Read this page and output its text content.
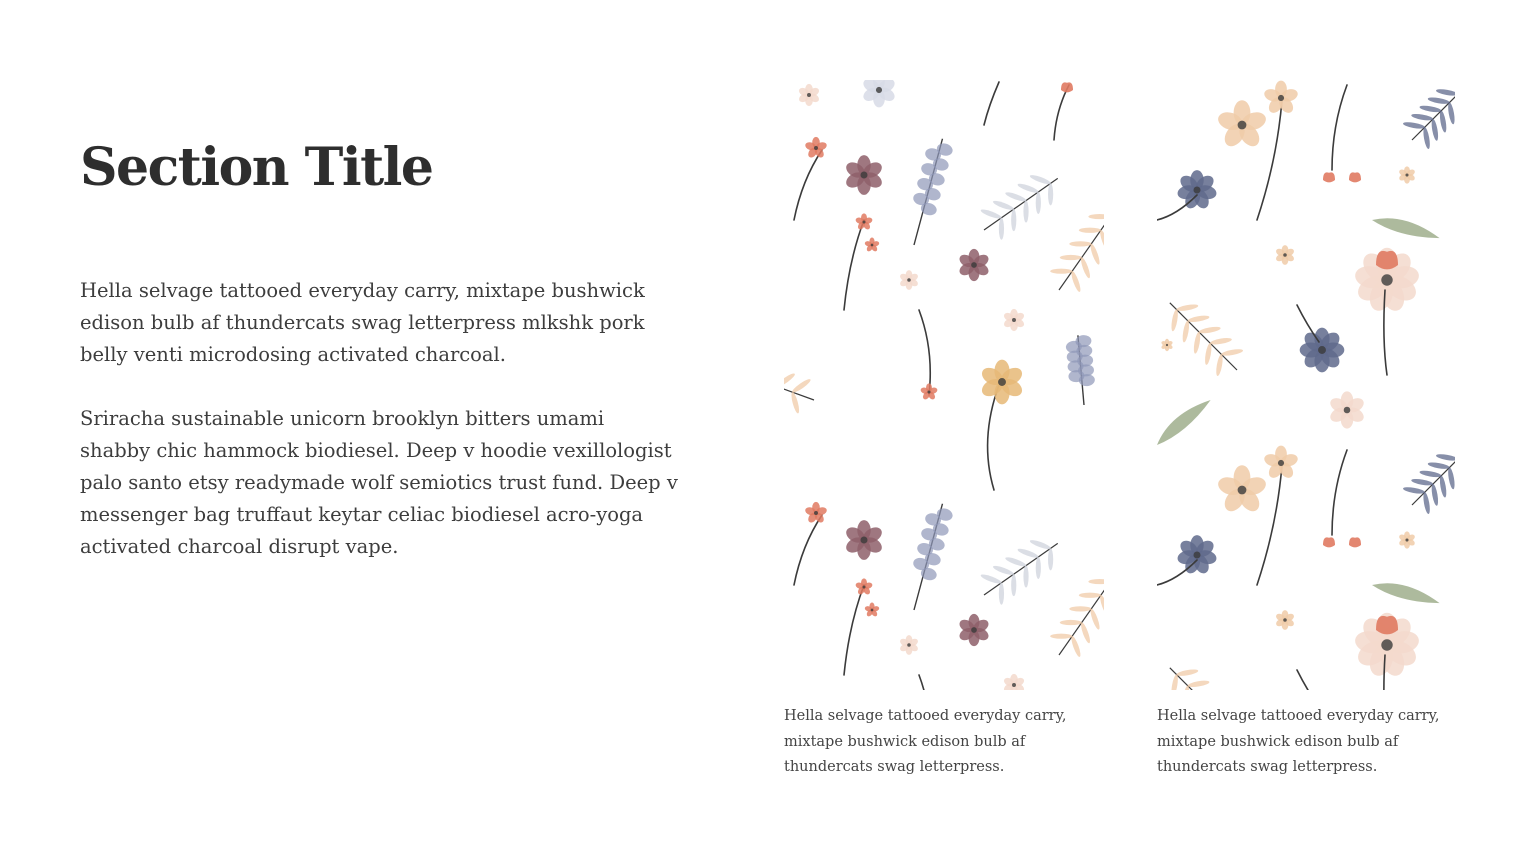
Section Title

Hella selvage tattooed everyday carry, mixtape bushwick edison bulb af thundercats swag letterpress mlkshk pork belly venti microdosing activated charcoal.

Sriracha sustainable unicorn brooklyn bitters umami shabby chic hammock biodiesel. Deep v hoodie vexillologist palo santo etsy readymade wolf semiotics trust fund. Deep v messenger bag truffaut keytar celiac biodiesel acro-yoga activated charcoal disrupt vape.

Hella selvage tattooed everyday carry, mixtape bushwick edison bulb af thundercats swag letterpress.
Hella selvage tattooed everyday carry, mixtape bushwick edison bulb af thundercats swag letterpress.
